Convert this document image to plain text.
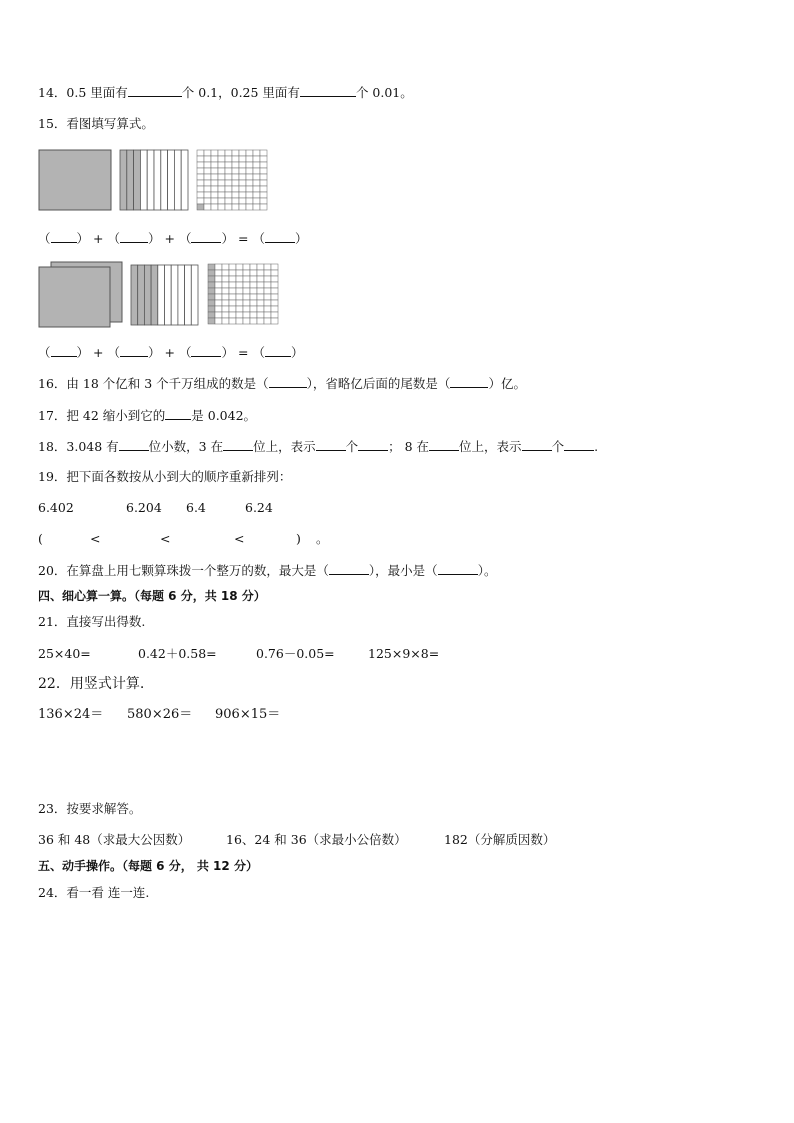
14．0.5 里面有	个 0.1，0.25 里面有	个 0.01。
15．看图填写算式。
（ ） + （ ） + （ ） = （ ）
（ ） + （ ） + （ ） = （ ）
16．由 18 个亿和 3 个千万组成的数是（	），省略亿后面的尾数是（	）亿。
17．把 42 缩小到它的 是 0.042。
18．3.048 有 位小数，3 在 位上，表示 个 ； 8 在 位上，表示 个 .
19．把下面各数按从小到大的顺序重新排列：
6.402	6.204 6.4	6.24
(	<	<	<	) 。
20．在算盘上用七颗算珠拨一个整万的数，最大是（	），最小是（	）。
四、细心算一算。（每题 6 分，共 18 分）
21．直接写出得数.
25×40=	0.42＋0.58=	0.76－0.05=	125×9×8=
22．用竖式计算.
136×24＝ 580×26＝ 906×15＝
23．按要求解答。
36 和 48（求最大公因数）	16、24 和 36（求最小公倍数）	182（分解质因数）
五、动手操作。（每题 6 分， 共 12 分）
24．看一看 连一连.
